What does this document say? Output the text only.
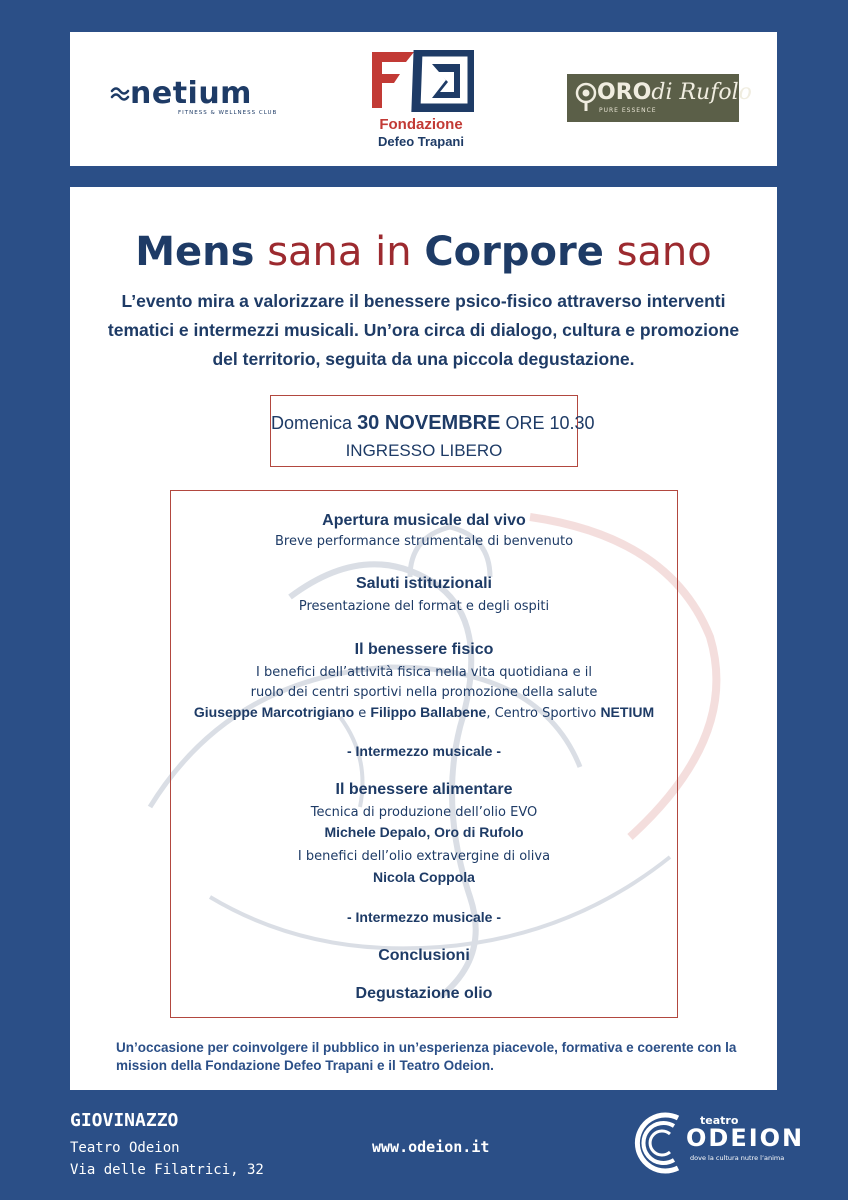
netium
FITNESS & WELLNESS CLUB
Fondazione
Defeo Trapani
OROdi Rufolo
PURE ESSENCE
Mens sana in Corpore sano
L’evento mira a valorizzare il benessere psico-fisico attraverso interventi tematici e intermezzi musicali. Un’ora circa di dialogo, cultura e promozione del territorio, seguita da una piccola degustazione.
Domenica 30 NOVEMBRE ORE 10.30
INGRESSO LIBERO
Apertura musicale dal vivo
Breve performance strumentale di benvenuto
Saluti istituzionali
Presentazione del format e degli ospiti
Il benessere fisico
I benefici dell’attività fisica nella vita quotidiana e il
ruolo dei centri sportivi nella promozione della salute
Giuseppe Marcotrigiano e Filippo Ballabene, Centro Sportivo NETIUM
- Intermezzo musicale -
Il benessere alimentare
Tecnica di produzione dell’olio EVO
Michele Depalo, Oro di Rufolo
I benefici dell’olio extravergine di oliva
Nicola Coppola
- Intermezzo musicale -
Conclusioni
Degustazione olio
Un’occasione per coinvolgere il pubblico in un’esperienza piacevole, formativa e coerente con la mission della Fondazione Defeo Trapani e il Teatro Odeion.
GIOVINAZZO
Teatro Odeion
Via delle Filatrici, 32
www.odeion.it
teatro
ODEION
dove la cultura nutre l’anima
